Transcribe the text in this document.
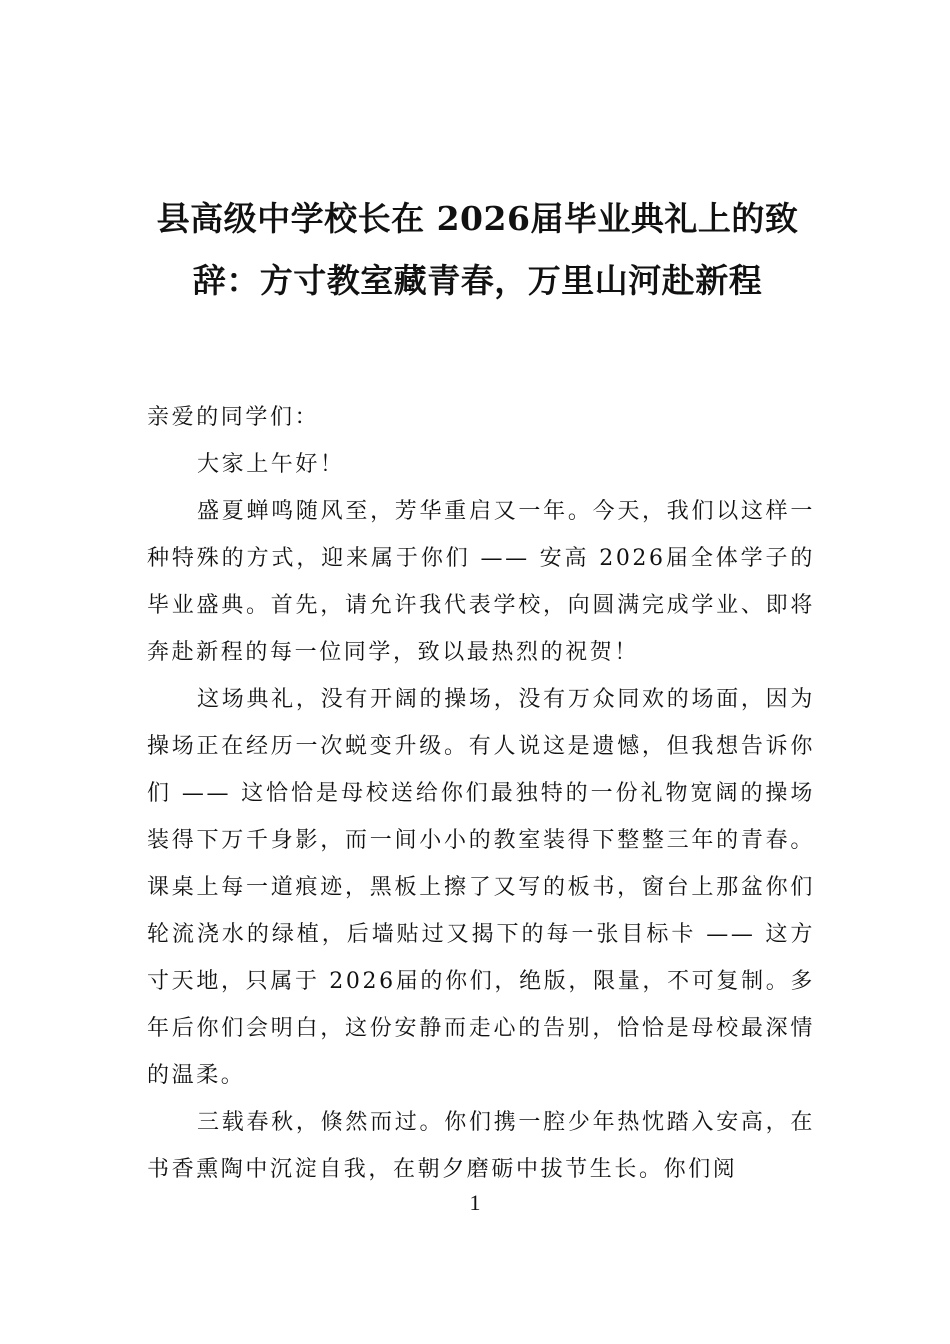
县高级中学校长在 2026届毕业典礼上的致辞：方寸教室藏青春，万里山河赴新程

亲爱的同学们：

大家上午好！

盛夏蝉鸣随风至，芳华重启又一年。今天，我们以这样一种特殊的方式，迎来属于你们 —— 安高 2026届全体学子的毕业盛典。首先，请允许我代表学校，向圆满完成学业、即将奔赴新程的每一位同学，致以最热烈的祝贺！

这场典礼，没有开阔的操场，没有万众同欢的场面，因为操场正在经历一次蜕变升级。有人说这是遗憾，但我想告诉你们 —— 这恰恰是母校送给你们最独特的一份礼物宽阔的操场装得下万千身影，而一间小小的教室装得下整整三年的青春。课桌上每一道痕迹，黑板上擦了又写的板书，窗台上那盆你们轮流浇水的绿植，后墙贴过又揭下的每一张目标卡 —— 这方寸天地，只属于 2026届的你们，绝版，限量，不可复制。多年后你们会明白，这份安静而走心的告别，恰恰是母校最深情的温柔。

三载春秋，倏然而过。你们携一腔少年热忱踏入安高，在书香熏陶中沉淀自我，在朝夕磨砺中拔节生长。你们阅

1
